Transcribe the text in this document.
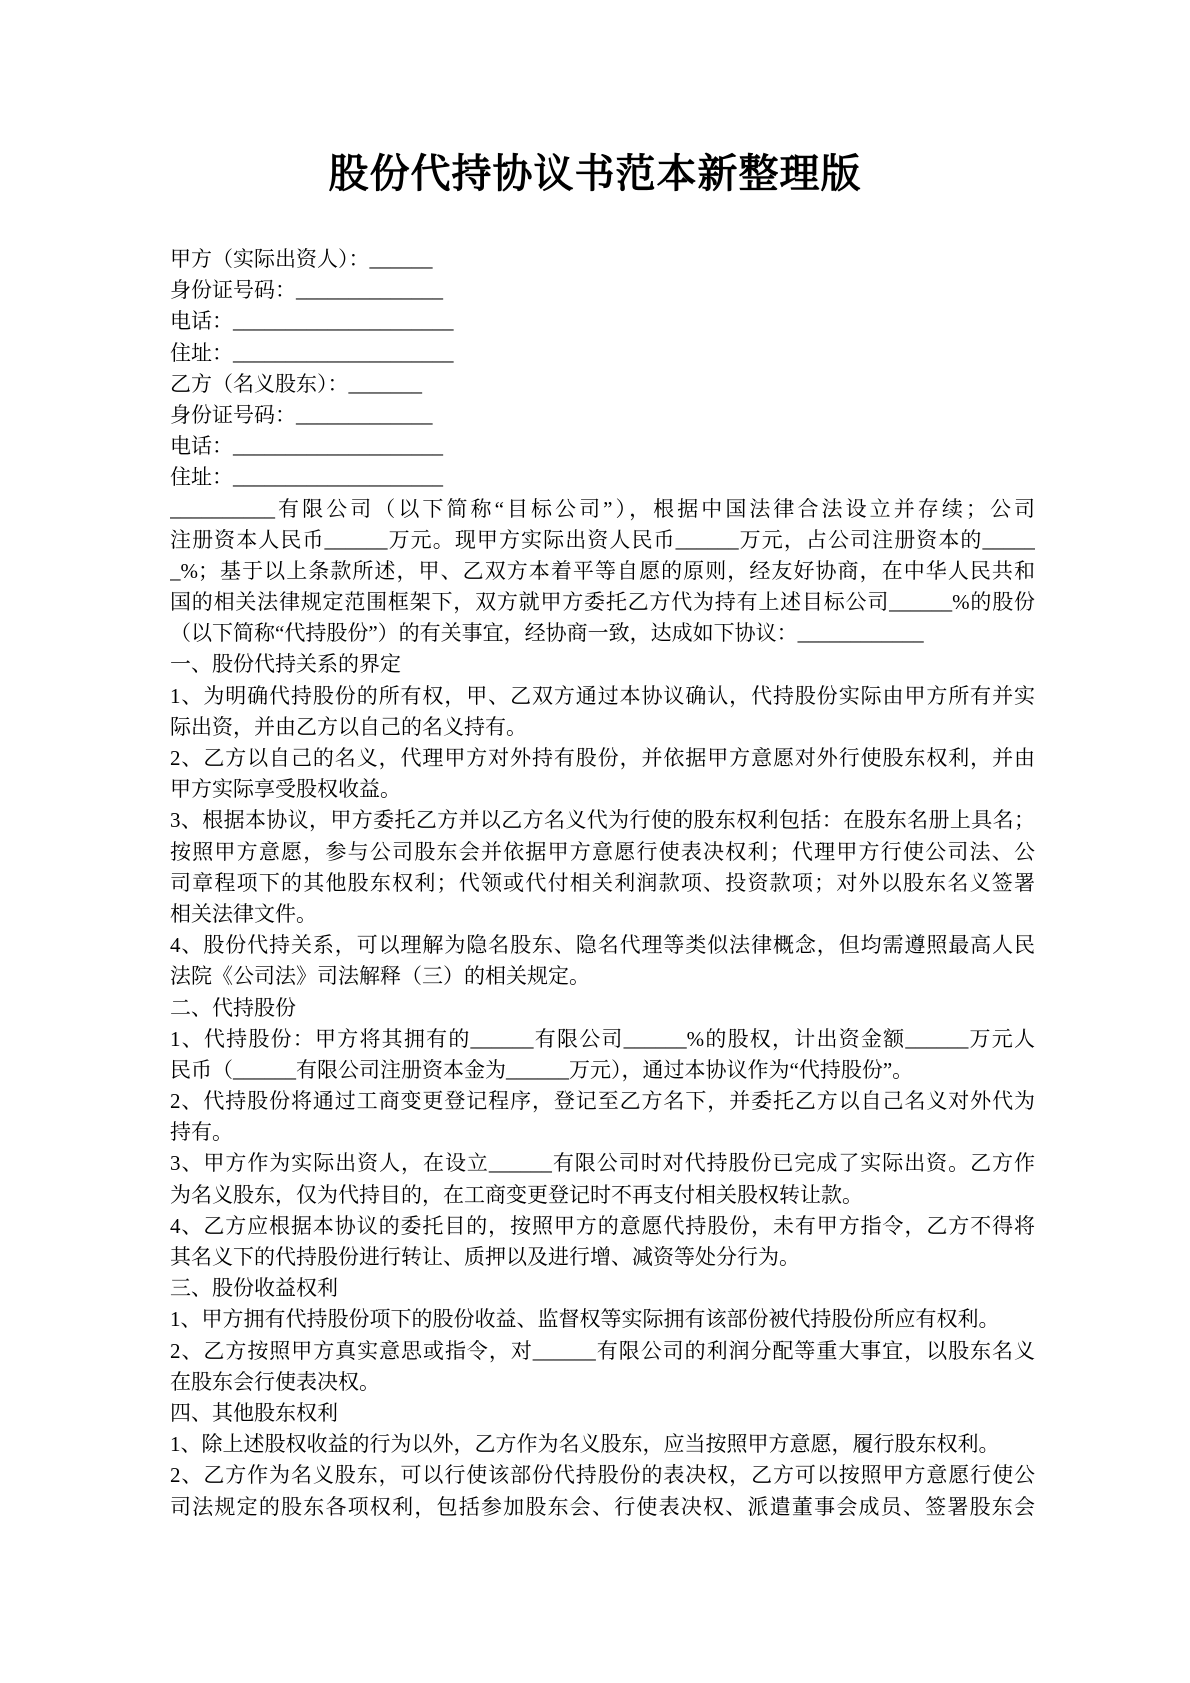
股份代持协议书范本新整理版
甲方（实际出资人）：______
身份证号码：______________
电话：_____________________
住址：_____________________
乙方（名义股东）：_______
身份证号码：_____________
电话：____________________
住址：____________________
__________有限公司（以下简称“目标公司”），根据中国法律合法设立并存续；公司
注册资本人民币______万元。现甲方实际出资人民币______万元，占公司注册资本的_____
_%；基于以上条款所述，甲、乙双方本着平等自愿的原则，经友好协商，在中华人民共和
国的相关法律规定范围框架下，双方就甲方委托乙方代为持有上述目标公司______%的股份
（以下简称“代持股份”）的有关事宜，经协商一致，达成如下协议：____________
一、股份代持关系的界定
1、为明确代持股份的所有权，甲、乙双方通过本协议确认，代持股份实际由甲方所有并实
际出资，并由乙方以自己的名义持有。
2、乙方以自己的名义，代理甲方对外持有股份，并依据甲方意愿对外行使股东权利，并由
甲方实际享受股权收益。
3、根据本协议，甲方委托乙方并以乙方名义代为行使的股东权利包括：在股东名册上具名；
按照甲方意愿，参与公司股东会并依据甲方意愿行使表决权利；代理甲方行使公司法、公
司章程项下的其他股东权利；代领或代付相关利润款项、投资款项；对外以股东名义签署
相关法律文件。
4、股份代持关系，可以理解为隐名股东、隐名代理等类似法律概念，但均需遵照最高人民
法院《公司法》司法解释（三）的相关规定。
二、代持股份
1、代持股份：甲方将其拥有的______有限公司______%的股权，计出资金额______万元人
民币（______有限公司注册资本金为______万元），通过本协议作为“代持股份”。
2、代持股份将通过工商变更登记程序，登记至乙方名下，并委托乙方以自己名义对外代为
持有。
3、甲方作为实际出资人，在设立______有限公司时对代持股份已完成了实际出资。乙方作
为名义股东，仅为代持目的，在工商变更登记时不再支付相关股权转让款。
4、乙方应根据本协议的委托目的，按照甲方的意愿代持股份，未有甲方指令，乙方不得将
其名义下的代持股份进行转让、质押以及进行增、减资等处分行为。
三、股份收益权利
1、甲方拥有代持股份项下的股份收益、监督权等实际拥有该部份被代持股份所应有权利。
2、乙方按照甲方真实意思或指令，对______有限公司的利润分配等重大事宜，以股东名义
在股东会行使表决权。
四、其他股东权利
1、除上述股权收益的行为以外，乙方作为名义股东，应当按照甲方意愿，履行股东权利。
2、乙方作为名义股东，可以行使该部份代持股份的表决权，乙方可以按照甲方意愿行使公
司法规定的股东各项权利，包括参加股东会、行使表决权、派遣董事会成员、签署股东会
